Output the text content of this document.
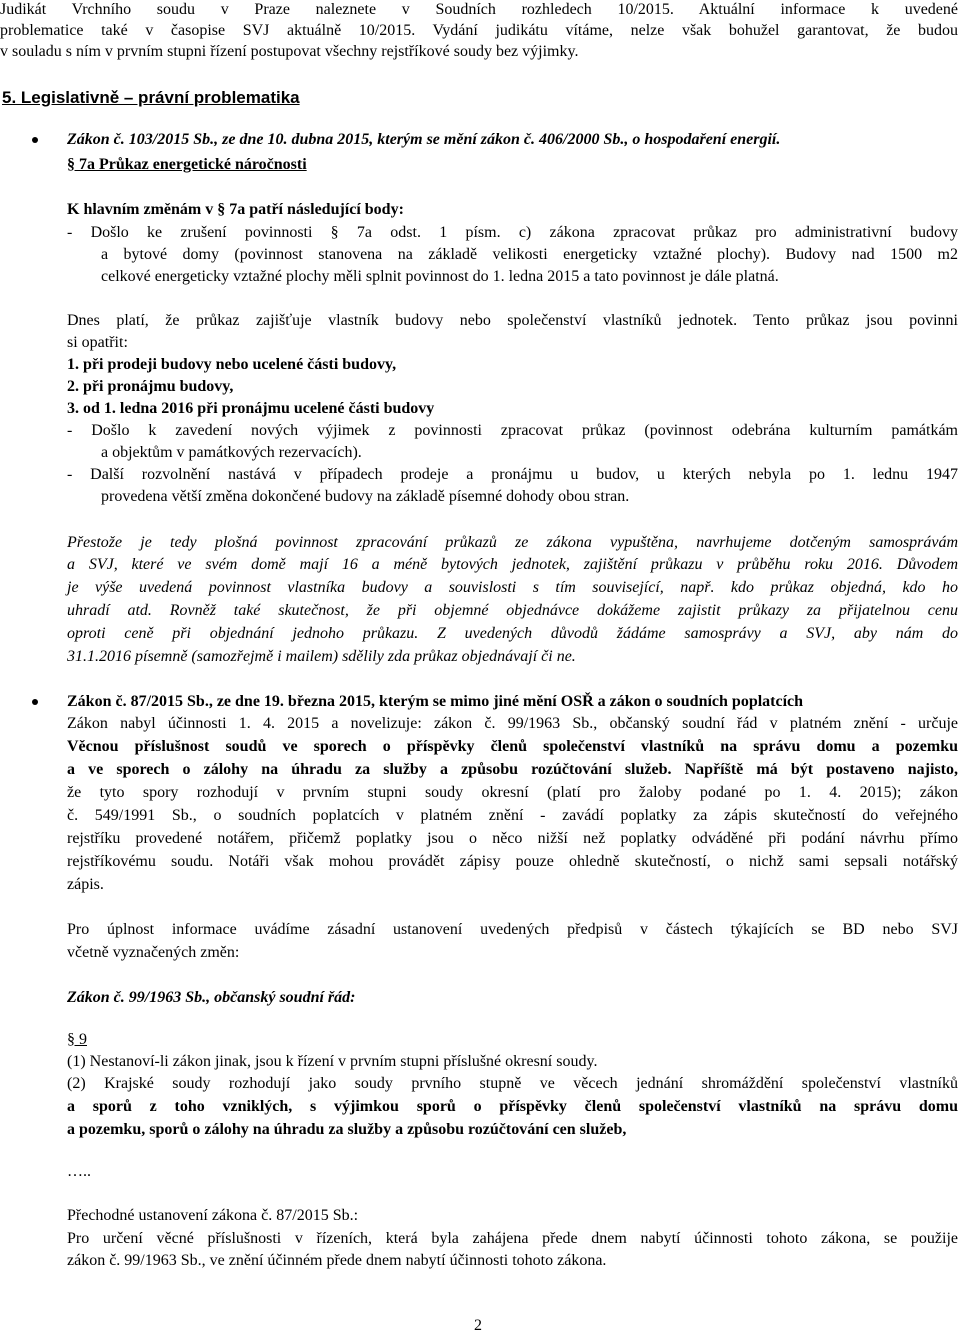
Judikát Vrchního soudu v Praze naleznete v Soudních rozhledech 10/2015. Aktuální informace k uvedené
problematice také v časopise SVJ aktuálně 10/2015. Vydání judikátu vítáme, nelze však bohužel garantovat, že budou
v souladu s ním v prvním stupni řízení postupovat všechny rejstříkové soudy bez výjimky.
5. Legislativně – právní problematika
Zákon č. 103/2015 Sb., ze dne 10. dubna 2015, kterým se mění zákon č. 406/2000 Sb., o hospodaření energií.
§ 7a Průkaz energetické náročnosti
K hlavním změnám v § 7a patří následující body:
- Došlo ke zrušení povinnosti § 7a odst. 1 písm. c) zákona zpracovat průkaz pro administrativní budovy
a bytové domy (povinnost stanovena na základě velikosti energeticky vztažné plochy). Budovy nad 1500 m2
celkové energeticky vztažné plochy měli splnit povinnost do 1. ledna 2015 a tato povinnost je dále platná.
Dnes platí, že průkaz zajišťuje vlastník budovy nebo společenství vlastníků jednotek. Tento průkaz jsou povinni
si opatřit:
1. při prodeji budovy nebo ucelené části budovy,
2. při pronájmu budovy,
3. od 1. ledna 2016 při pronájmu ucelené části budovy
- Došlo k zavedení nových výjimek z povinnosti zpracovat průkaz (povinnost odebrána kulturním památkám
a objektům v památkových rezervacích).
- Další rozvolnění nastává v případech prodeje a pronájmu u budov, u kterých nebyla po 1. lednu 1947
provedena větší změna dokončené budovy na základě písemné dohody obou stran.
Přestože je tedy plošná povinnost zpracování průkazů ze zákona vypuštěna, navrhujeme dotčeným samosprávám
a SVJ, které ve svém domě mají 16 a méně bytových jednotek, zajištění průkazu v průběhu roku 2016. Důvodem
je výše uvedená povinnost vlastníka budovy a souvislosti s tím související, např. kdo průkaz objedná, kdo ho
uhradí atd. Rovněž také skutečnost, že při objemné objednávce dokážeme zajistit průkazy za přijatelnou cenu
oproti ceně při objednání jednoho průkazu. Z uvedených důvodů žádáme samosprávy a SVJ, aby nám do
31.1.2016 písemně (samozřejmě i mailem) sdělily zda průkaz objednávají či ne.
Zákon č. 87/2015 Sb., ze dne 19. března 2015, kterým se mimo jiné mění OSŘ a zákon o soudních poplatcích
Zákon nabyl účinnosti 1. 4. 2015 a novelizuje: zákon č. 99/1963 Sb., občanský soudní řád v platném znění - určuje
Věcnou příslušnost soudů ve sporech o příspěvky členů společenství vlastníků na správu domu a pozemku
a ve sporech o zálohy na úhradu za služby a způsobu rozúčtování služeb. Napříště má být postaveno najisto,
že tyto spory rozhodují v prvním stupni soudy okresní (platí pro žaloby podané po 1. 4. 2015); zákon
č. 549/1991 Sb., o soudních poplatcích v platném znění - zavádí poplatky za zápis skutečností do veřejného
rejstříku provedené notářem, přičemž poplatky jsou o něco nižší než poplatky odváděné při podání návrhu přímo
rejstříkovému soudu. Notáři však mohou provádět zápisy pouze ohledně skutečností, o nichž sami sepsali notářský
zápis.
Pro úplnost informace uvádíme zásadní ustanovení uvedených předpisů v částech týkajících se BD nebo SVJ
včetně vyznačených změn:
Zákon č. 99/1963 Sb., občanský soudní řád:
§ 9
(1) Nestanoví-li zákon jinak, jsou k řízení v prvním stupni příslušné okresní soudy.
(2) Krajské soudy rozhodují jako soudy prvního stupně ve věcech jednání shromáždění společenství vlastníků
a sporů z toho vzniklých, s výjimkou sporů o příspěvky členů společenství vlastníků na správu domu
a pozemku, sporů o zálohy na úhradu za služby a způsobu rozúčtování cen služeb,
…..
Přechodné ustanovení zákona č. 87/2015 Sb.:
Pro určení věcné příslušnosti v řízeních, která byla zahájena přede dnem nabytí účinnosti tohoto zákona, se použije
zákon č. 99/1963 Sb., ve znění účinném přede dnem nabytí účinnosti tohoto zákona.
2
